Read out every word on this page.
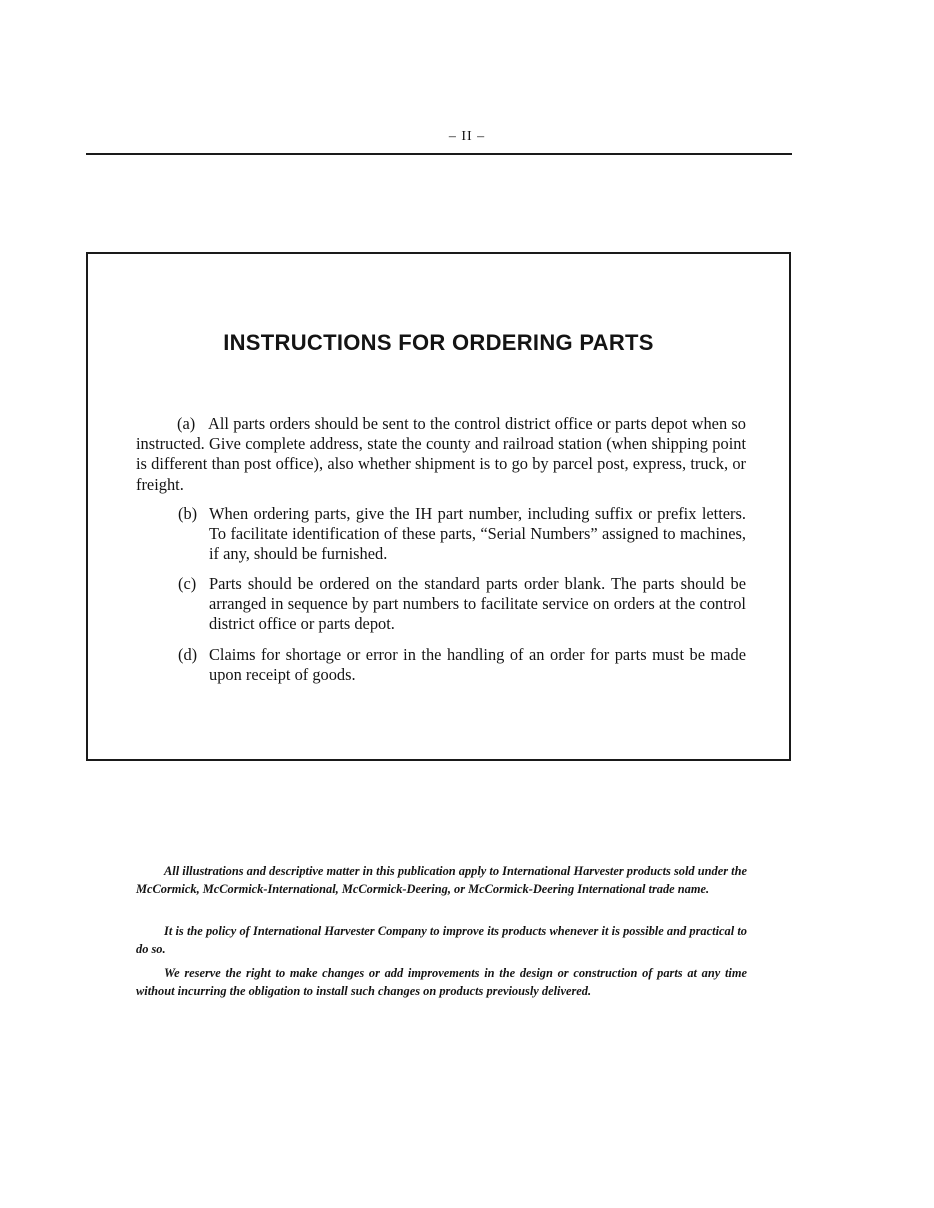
– II –
INSTRUCTIONS FOR ORDERING PARTS

(a) All parts orders should be sent to the control district office or parts depot when so instructed. Give complete address, state the county and railroad station (when shipping point is different than post office), also whether shipment is to go by parcel post, express, truck, or freight.

(b) When ordering parts, give the IH part number, including suffix or prefix letters. To facilitate identification of these parts, “Serial Numbers” assigned to machines, if any, should be furnished.

(c) Parts should be ordered on the standard parts order blank. The parts should be arranged in sequence by part numbers to facilitate service on orders at the control district office or parts depot.

(d) Claims for shortage or error in the handling of an order for parts must be made upon receipt of goods.

All illustrations and descriptive matter in this publication apply to International Harvester products sold under the McCormick, McCormick-International, McCormick-Deering, or McCormick-Deering International trade name.

It is the policy of International Harvester Company to improve its products whenever it is possible and practical to do so.

We reserve the right to make changes or add improvements in the design or construction of parts at any time without incurring the obligation to install such changes on products previously delivered.
